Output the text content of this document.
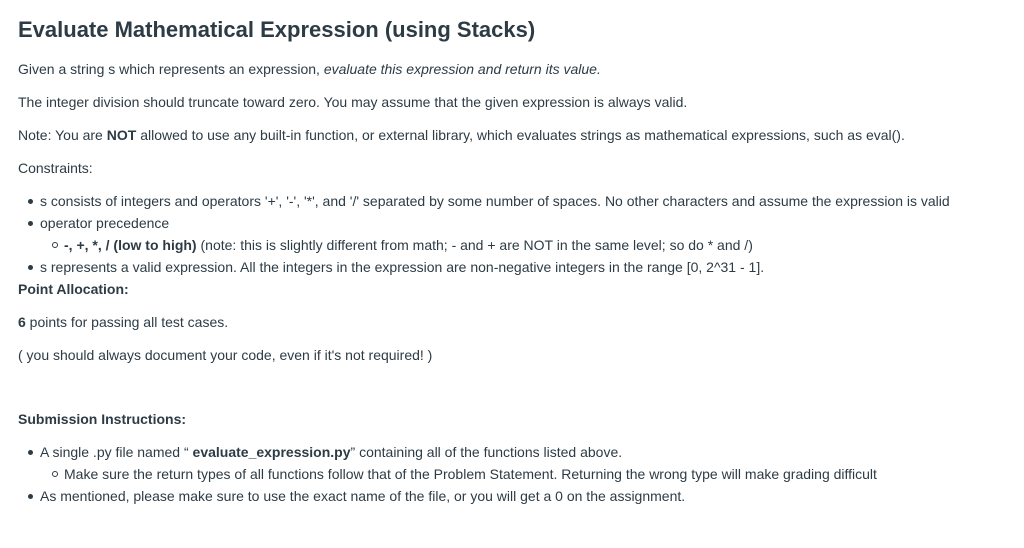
Evaluate Mathematical Expression (using Stacks)

Given a string s which represents an expression, evaluate this expression and return its value.

The integer division should truncate toward zero. You may assume that the given expression is always valid.

Note: You are NOT allowed to use any built-in function, or external library, which evaluates strings as mathematical expressions, such as eval().

Constraints:

s consists of integers and operators '+', '-', '*', and '/' separated by some number of spaces. No other characters and assume the expression is valid
operator precedence
-, +, *, / (low to high) (note: this is slightly different from math; - and + are NOT in the same level; so do * and /)
s represents a valid expression. All the integers in the expression are non-negative integers in the range [0, 2^31 - 1].

Point Allocation:

6 points for passing all test cases.

( you should always document your code, even if it's not required! )

Submission Instructions:

A single .py file named “ evaluate_expression.py” containing all of the functions listed above.
Make sure the return types of all functions follow that of the Problem Statement. Returning the wrong type will make grading difficult
As mentioned, please make sure to use the exact name of the file, or you will get a 0 on the assignment.
